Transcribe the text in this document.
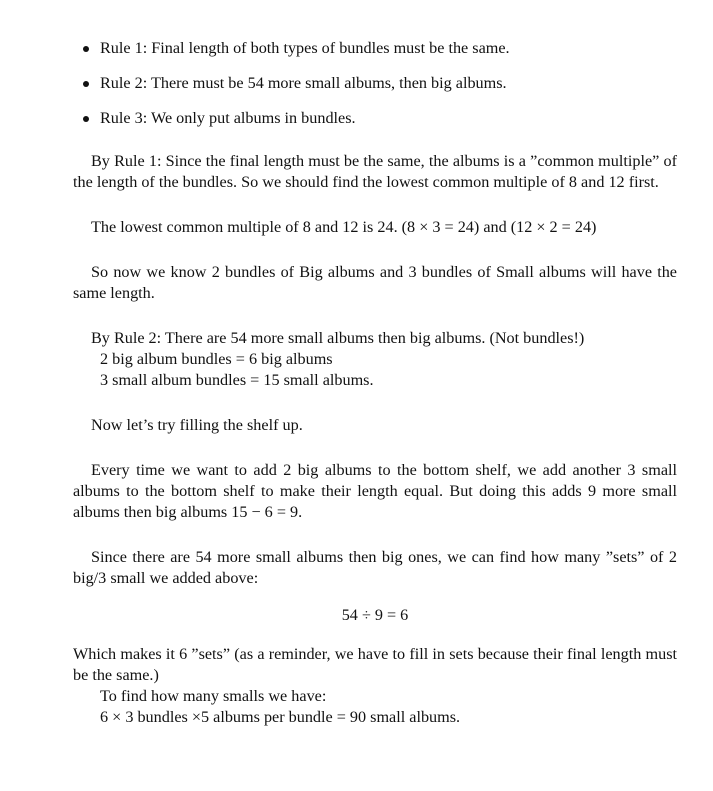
Rule 1: Final length of both types of bundles must be the same.
Rule 2: There must be 54 more small albums, then big albums.
Rule 3: We only put albums in bundles.

By Rule 1: Since the final length must be the same, the albums is a ”common multiple” of the length of the bundles. So we should find the lowest common multiple of 8 and 12 first.

The lowest common multiple of 8 and 12 is 24. (8 × 3 = 24) and (12 × 2 = 24)

So now we know 2 bundles of Big albums and 3 bundles of Small albums will have the same length.

By Rule 2: There are 54 more small albums then big albums. (Not bundles!)

2 big album bundles = 6 big albums

3 small album bundles = 15 small albums.

Now let’s try filling the shelf up.

Every time we want to add 2 big albums to the bottom shelf, we add another 3 small albums to the bottom shelf to make their length equal. But doing this adds 9 more small albums then big albums 15 − 6 = 9.

Since there are 54 more small albums then big ones, we can find how many ”sets” of 2 big/3 small we added above:

54 ÷ 9 = 6

Which makes it 6 ”sets” (as a reminder, we have to fill in sets because their final length must be the same.)

To find how many smalls we have:

6 × 3 bundles ×5 albums per bundle = 90 small albums.
